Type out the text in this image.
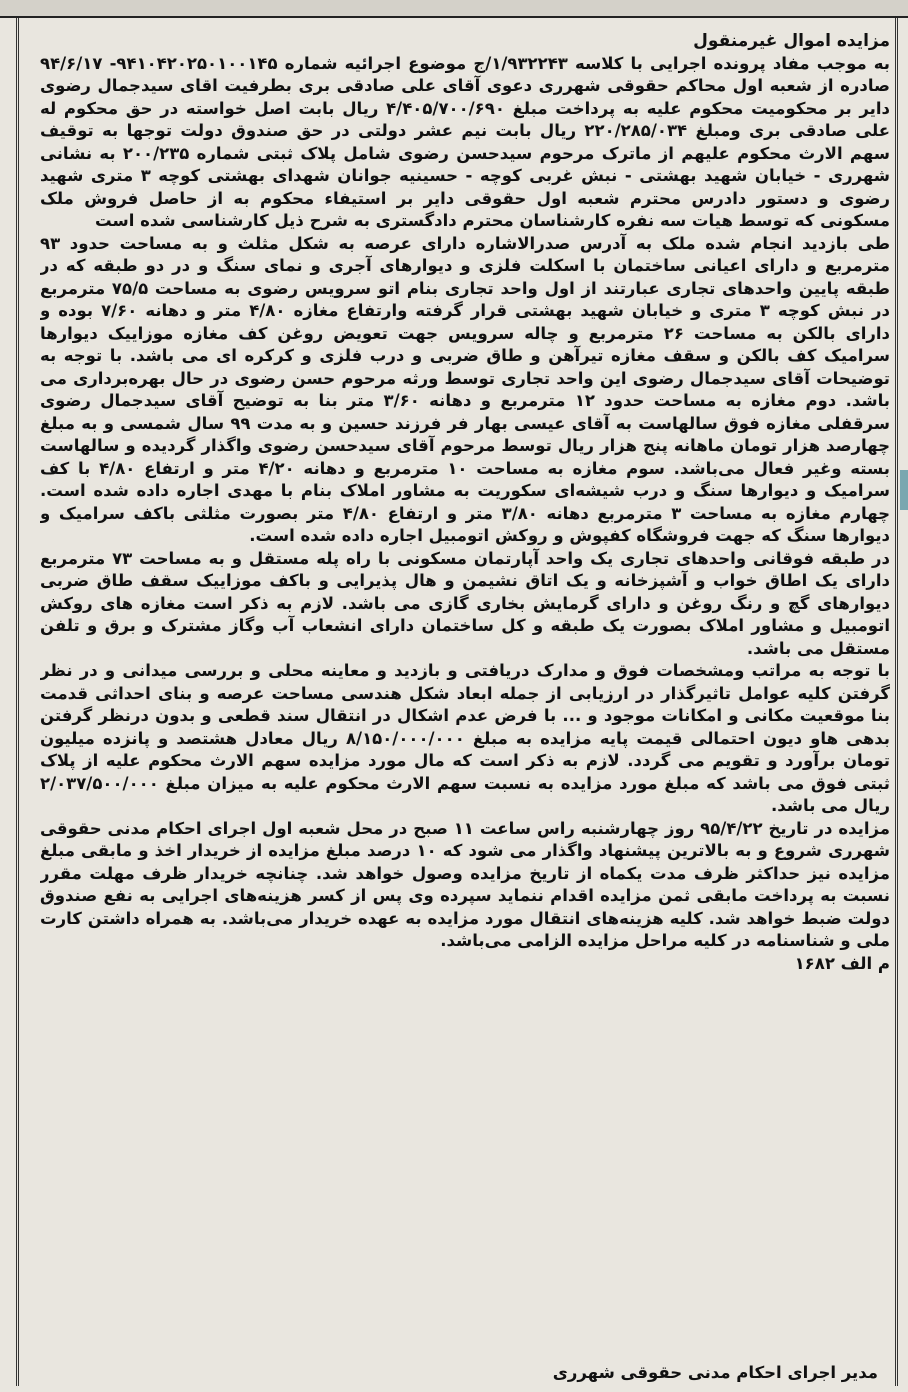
مزایده اموال غیرمنقول

به موجب مفاد پرونده اجرایی با کلاسه ۱/۹۳۲۲۴۳/ج موضوع اجرائیه شماره ۹۴۱۰۴۲۰۲۵۰۱۰۰۱۴۵- ۹۴/۶/۱۷ صادره از شعبه اول محاکم حقوقی شهرری دعوی آقای علی صادقی بری بطرفیت اقای سیدجمال رضوی دایر بر محکومیت محکوم علیه به پرداخت مبلغ ۴/۴۰۵/۷۰۰/۶۹۰ ریال بابت اصل خواسته در حق محکوم له علی صادقی بری ومبلغ ۲۲۰/۲۸۵/۰۳۴ ریال بابت نیم عشر دولتی در حق صندوق دولت توجها به توقیف سهم الارث محکوم علیهم از ماترک مرحوم سیدحسن رضوی شامل پلاک ثبتی شماره ۲۰۰/۲۳۵ به نشانی شهرری - خیابان شهید بهشتی - نبش غربی کوچه - حسینیه جوانان شهدای بهشتی کوچه ۳ متری شهید رضوی و دستور دادرس محترم شعبه اول حقوقی دایر بر استیفاء محکوم به از حاصل فروش ملک مسکونی که توسط هیات سه نفره کارشناسان محترم دادگستری به شرح ذیل کارشناسی شده است

طی بازدید انجام شده ملک به آدرس صدرالاشاره دارای عرصه به شکل مثلث و به مساحت حدود ۹۳ مترمربع و دارای اعیانی ساختمان با اسکلت فلزی و دیوارهای آجری و نمای سنگ و در دو طبقه که در طبقه پایین واحدهای تجاری عبارتند از اول واحد تجاری بنام اتو سرویس رضوی به مساحت ۷۵/۵ مترمربع در نبش کوچه ۳ متری و خیابان شهید بهشتی قرار گرفته وارتفاع مغازه ۴/۸۰ متر و دهانه ۷/۶۰ بوده و دارای بالکن به مساحت ۲۶ مترمربع و چاله سرویس جهت تعویض روغن کف مغازه موزاییک دیوارها سرامیک کف بالکن و سقف مغازه تیرآهن و طاق ضربی و درب فلزی و کرکره ای می باشد. با توجه به توضیحات آقای سیدجمال رضوی این واحد تجاری توسط ورثه مرحوم حسن رضوی در حال بهره‌برداری می باشد. دوم مغازه به مساحت حدود ۱۲ مترمربع و دهانه ۳/۶۰ متر بنا به توضیح آقای سیدجمال رضوی سرقفلی مغازه فوق سالهاست به آقای عیسی بهار فر فرزند حسین و به مدت ۹۹ سال شمسی و به مبلغ چهارصد هزار تومان ماهانه پنج هزار ریال توسط مرحوم آقای سیدحسن رضوی واگذار گردیده و سالهاست بسته وغیر فعال می‌باشد. سوم مغازه به مساحت ۱۰ مترمربع و دهانه ۴/۲۰ متر و ارتفاع ۴/۸۰ با کف سرامیک و دیوارها سنگ و درب شیشه‌ای سکوریت به مشاور املاک بنام با مهدی اجاره داده شده است. چهارم مغازه به مساحت ۳ مترمربع دهانه ۳/۸۰ متر و ارتفاع ۴/۸۰ متر بصورت مثلثی باکف سرامیک و دیوارها سنگ که جهت فروشگاه کفپوش و روکش اتومبیل اجاره داده شده است.

در طبقه فوقانی واحدهای تجاری یک واحد آپارتمان مسکونی با راه پله مستقل و به مساحت ۷۳ مترمربع دارای یک اطاق خواب و آشپزخانه و یک اتاق نشیمن و هال پذیرایی و باکف موزاییک سقف طاق ضربی دیوارهای گچ و رنگ روغن و دارای گرمایش بخاری گازی می باشد. لازم به ذکر است مغازه های روکش اتومبیل و مشاور املاک بصورت یک طبقه و کل ساختمان دارای انشعاب آب وگاز مشترک و برق و تلفن مستقل می باشد.

با توجه به مراتب ومشخصات فوق و مدارک دریافتی و بازدید و معاینه محلی و بررسی میدانی و در نظر گرفتن کلیه عوامل تاثیرگذار در ارزیابی از جمله ابعاد شکل هندسی مساحت عرصه و بنای احداثی قدمت بنا موقعیت مکانی و امکانات موجود و ... با فرض عدم اشکال در انتقال سند قطعی و بدون درنظر گرفتن بدهی هاو دیون احتمالی قیمت پایه مزایده به مبلغ ۸/۱۵۰/۰۰۰/۰۰۰ ریال معادل هشتصد و پانزده میلیون تومان برآورد و تقویم می گردد. لازم به ذکر است که مال مورد مزایده سهم الارث محکوم علیه از پلاک ثبتی فوق می باشد که مبلغ مورد مزایده به نسبت سهم الارث محکوم علیه به میزان مبلغ ۲/۰۳۷/۵۰۰/۰۰۰ ریال می باشد.

مزایده در تاریخ ۹۵/۴/۲۲ روز چهارشنبه راس ساعت ۱۱ صبح در محل شعبه اول اجرای احکام مدنی حقوقی شهرری شروع و به بالاترین پیشنهاد واگذار می شود که ۱۰ درصد مبلغ مزایده از خریدار اخذ و مابقی مبلغ مزایده نیز حداکثر ظرف مدت یکماه از تاریخ مزایده وصول خواهد شد. چنانچه خریدار ظرف مهلت مقرر نسبت به پرداخت مابقی ثمن مزایده اقدام ننماید سپرده وی پس از کسر هزینه‌های اجرایی به نفع صندوق دولت ضبط خواهد شد. کلیه هزینه‌های انتقال مورد مزایده به عهده خریدار می‌باشد. به همراه داشتن کارت ملی و شناسنامه در کلیه مراحل مزایده الزامی می‌باشد.

م الف ۱۶۸۲

مدیر اجرای احکام مدنی حقوقی شهرری
